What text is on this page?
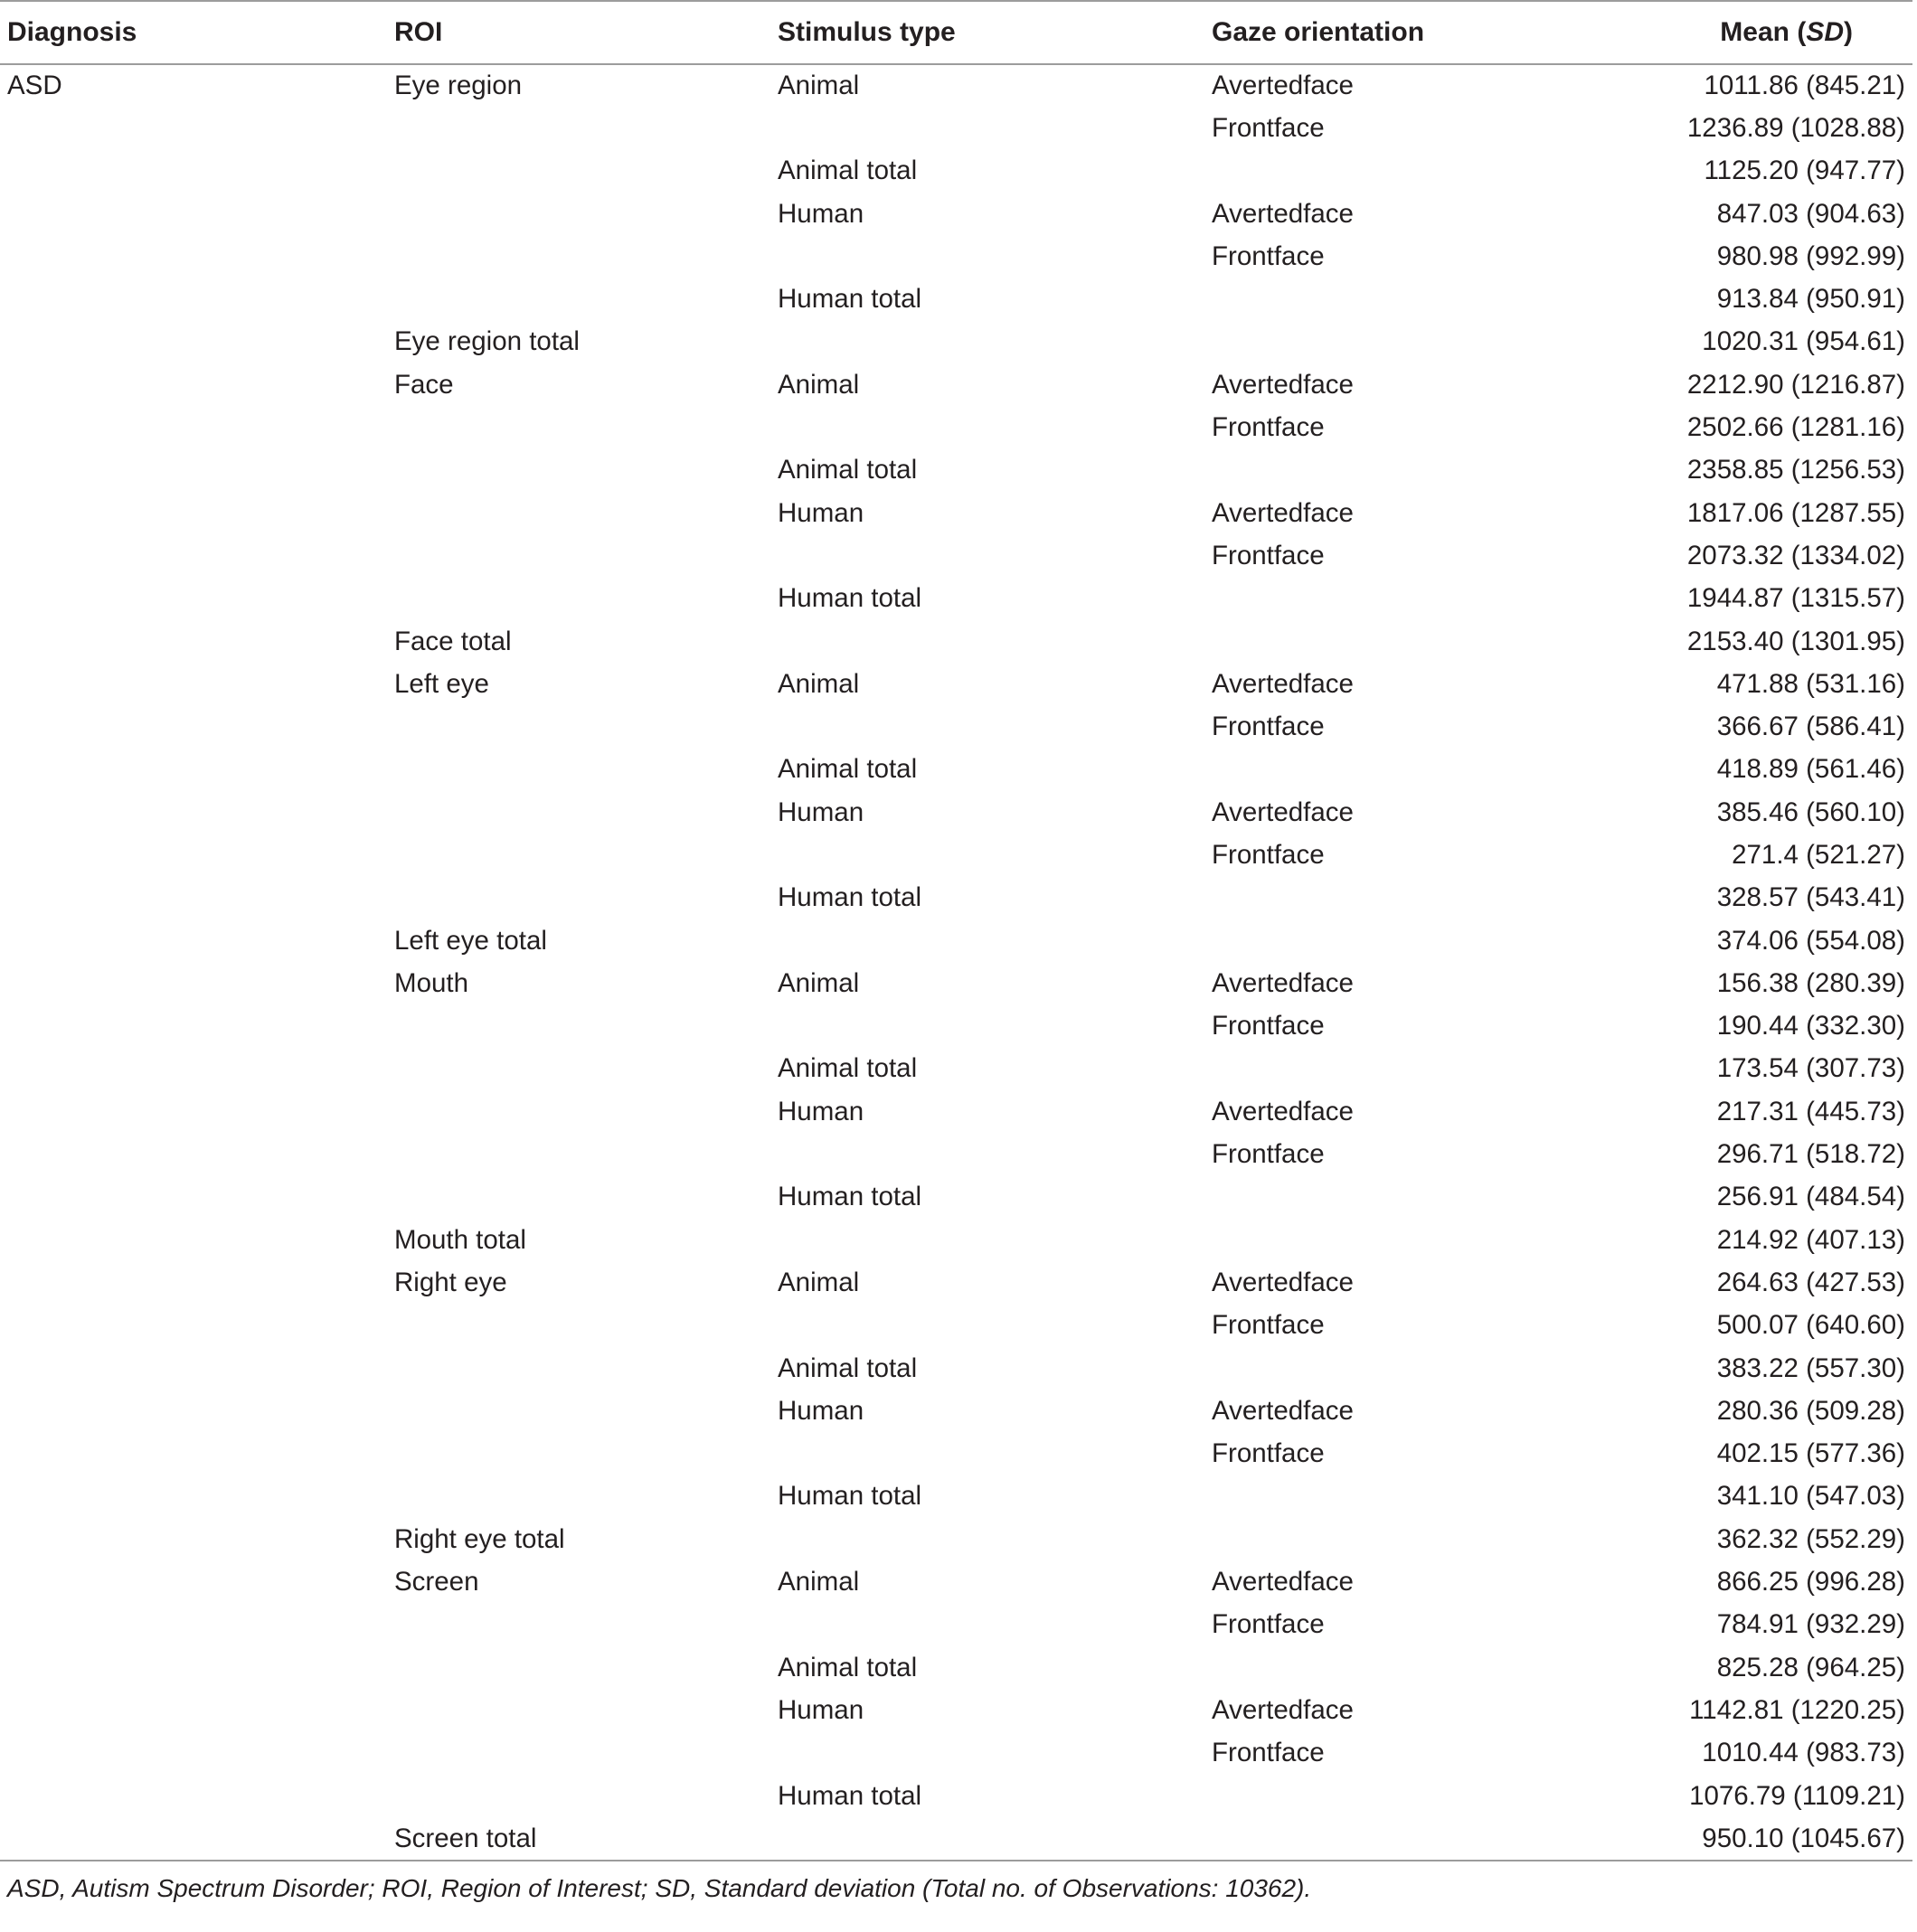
Diagnosis	ROI	Stimulus type	Gaze orientation	Mean (SD)
ASD	Eye region	Animal	Avertedface	1011.86 (845.21)
			Frontface	1236.89 (1028.88)
		Animal total		1125.20 (947.77)
		Human	Avertedface	847.03 (904.63)
			Frontface	980.98 (992.99)
		Human total		913.84 (950.91)
	Eye region total			1020.31 (954.61)
	Face	Animal	Avertedface	2212.90 (1216.87)
			Frontface	2502.66 (1281.16)
		Animal total		2358.85 (1256.53)
		Human	Avertedface	1817.06 (1287.55)
			Frontface	2073.32 (1334.02)
		Human total		1944.87 (1315.57)
	Face total			2153.40 (1301.95)
	Left eye	Animal	Avertedface	471.88 (531.16)
			Frontface	366.67 (586.41)
		Animal total		418.89 (561.46)
		Human	Avertedface	385.46 (560.10)
			Frontface	271.4 (521.27)
		Human total		328.57 (543.41)
	Left eye total			374.06 (554.08)
	Mouth	Animal	Avertedface	156.38 (280.39)
			Frontface	190.44 (332.30)
		Animal total		173.54 (307.73)
		Human	Avertedface	217.31 (445.73)
			Frontface	296.71 (518.72)
		Human total		256.91 (484.54)
	Mouth total			214.92 (407.13)
	Right eye	Animal	Avertedface	264.63 (427.53)
			Frontface	500.07 (640.60)
		Animal total		383.22 (557.30)
		Human	Avertedface	280.36 (509.28)
			Frontface	402.15 (577.36)
		Human total		341.10 (547.03)
	Right eye total			362.32 (552.29)
	Screen	Animal	Avertedface	866.25 (996.28)
			Frontface	784.91 (932.29)
		Animal total		825.28 (964.25)
		Human	Avertedface	1142.81 (1220.25)
			Frontface	1010.44 (983.73)
		Human total		1076.79 (1109.21)
	Screen total			950.10 (1045.67)
ASD, Autism Spectrum Disorder; ROI, Region of Interest; SD, Standard deviation (Total no. of Observations: 10362).
